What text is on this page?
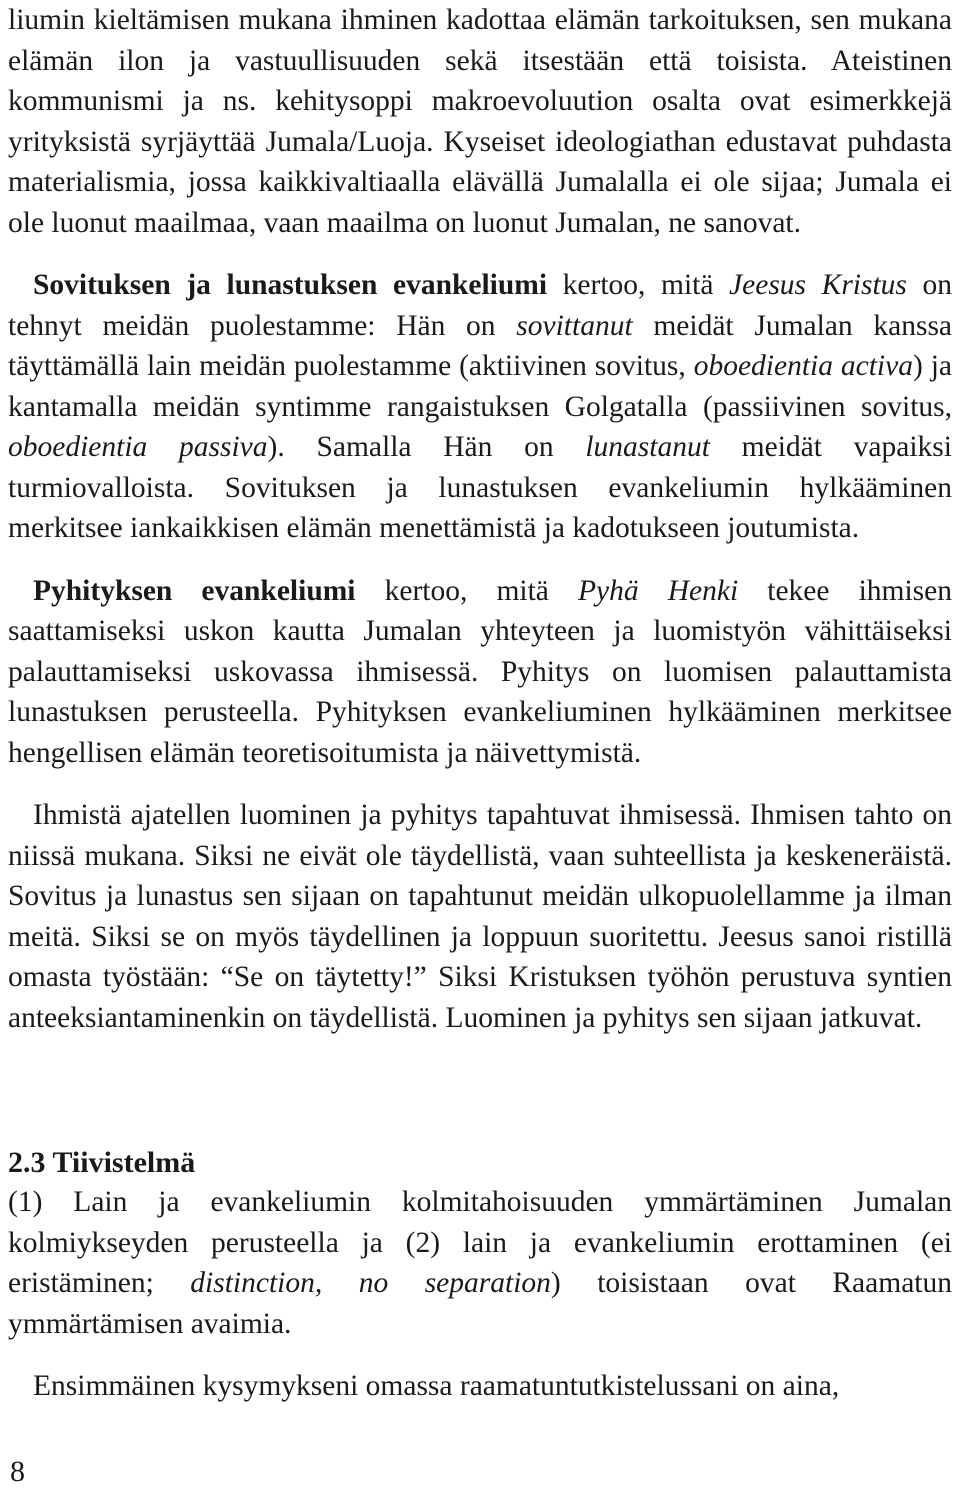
liumin kieltämisen mukana ihminen kadottaa elämän tarkoituksen, sen mukana elämän ilon ja vastuullisuuden sekä itsestään että toisista. Ateistinen kommunismi ja ns. kehitysoppi makroevoluution osalta ovat esimerkkejä yrityksistä syrjäyttää Jumala/Luoja. Kyseiset ideologiathan edustavat puhdasta materialismia, jossa kaikkivaltiaalla elävällä Jumalalla ei ole sijaa; Jumala ei ole luonut maailmaa, vaan maailma on luonut Jumalan, ne sanovat.

Sovituksen ja lunastuksen evankeliumi kertoo, mitä Jeesus Kristus on tehnyt meidän puolestamme: Hän on sovittanut meidät Jumalan kanssa täyttämällä lain meidän puolestamme (aktiivinen sovitus, oboedientia activa) ja kantamalla meidän syntimme rangaistuksen Golgatalla (passiivinen sovitus, oboedientia passiva). Samalla Hän on lunastanut meidät vapaiksi turmiovalloista. Sovituksen ja lunastuksen evankeliumin hylkääminen merkitsee iankaikkisen elämän menettämistä ja kadotukseen joutumista.

Pyhityksen evankeliumi kertoo, mitä Pyhä Henki tekee ihmisen saattamiseksi uskon kautta Jumalan yhteyteen ja luomistyön vähittäiseksi palauttamiseksi uskovassa ihmisessä. Pyhitys on luomisen palauttamista lunastuksen perusteella. Pyhityksen evankeliuminen hylkääminen merkitsee hengellisen elämän teoretisoitumista ja näivettymistä.

Ihmistä ajatellen luominen ja pyhitys tapahtuvat ihmisessä. Ihmisen tahto on niissä mukana. Siksi ne eivät ole täydellistä, vaan suhteellista ja keskeneräistä. Sovitus ja lunastus sen sijaan on tapahtunut meidän ulkopuolellamme ja ilman meitä. Siksi se on myös täydellinen ja loppuun suoritettu. Jeesus sanoi ristillä omasta työstään: “Se on täytetty!” Siksi Kristuksen työhön perustuva syntien anteeksiantaminenkin on täydellistä. Luominen ja pyhitys sen sijaan jatkuvat.

2.3 Tiivistelmä

(1) Lain ja evankeliumin kolmitahoisuuden ymmärtäminen Jumalan kolmiykseyden perusteella ja (2) lain ja evankeliumin erottaminen (ei eristäminen; distinction, no separation) toisistaan ovat Raamatun ymmärtämisen avaimia.

Ensimmäinen kysymykseni omassa raamatuntutkistelussani on aina,

8
